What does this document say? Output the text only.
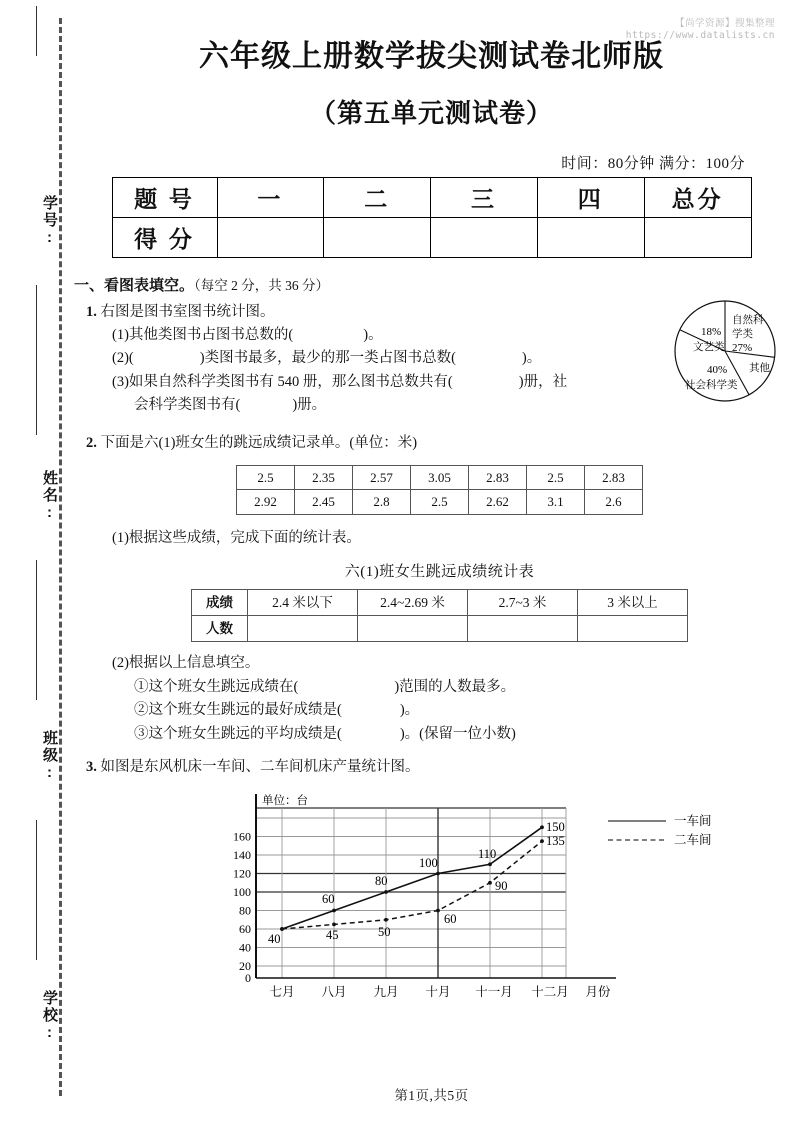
学号:
姓名:
班级:
学校:
【尚学资源】搜集整理
https://www.datalists.cn
六年级上册数学拔尖测试卷北师版
（第五单元测试卷）
时间：80分钟 满分：100分
题 号	一	二	三	四	总分
得 分					
一、看图表填空。（每空 2 分，共 36 分）
1. 右图是图书室图书统计图。
(1)其他类图书占图书总数的(	)。
(2)(	)类图书最多，最少的那一类占图书总数(	)。
(3)如果自然科学类图书有 540 册，那么图书总数共有(	)册，社
会科学类图书有(	)册。
18%
文艺类
自然科
学类
27%
其他
40%
社会科学类
2. 下面是六(1)班女生的跳远成绩记录单。(单位：米)
2.5	2.35	2.57	3.05	2.83	2.5	2.83
2.92	2.45	2.8	2.5	2.62	3.1	2.6
(1)根据这些成绩，完成下面的统计表。
六(1)班女生跳远成绩统计表
成绩	2.4 米以下	2.4~2.69 米	2.7~3 米	3 米以上
人数				
(2)根据以上信息填空。
①这个班女生跳远成绩在(	)范围的人数最多。
②这个班女生跳远的最好成绩是(	)。
③这个班女生跳远的平均成绩是(	)。(保留一位小数)
3. 如图是东风机床一车间、二车间机床产量统计图。
单位：台
0
20
40
60
80
100
120
140
160
40
60
80
100
110
150
45	50
60
90
135
七月 八月 九月 十月 十一月 十二月 月份
一车间
二车间
第1页,共5页
